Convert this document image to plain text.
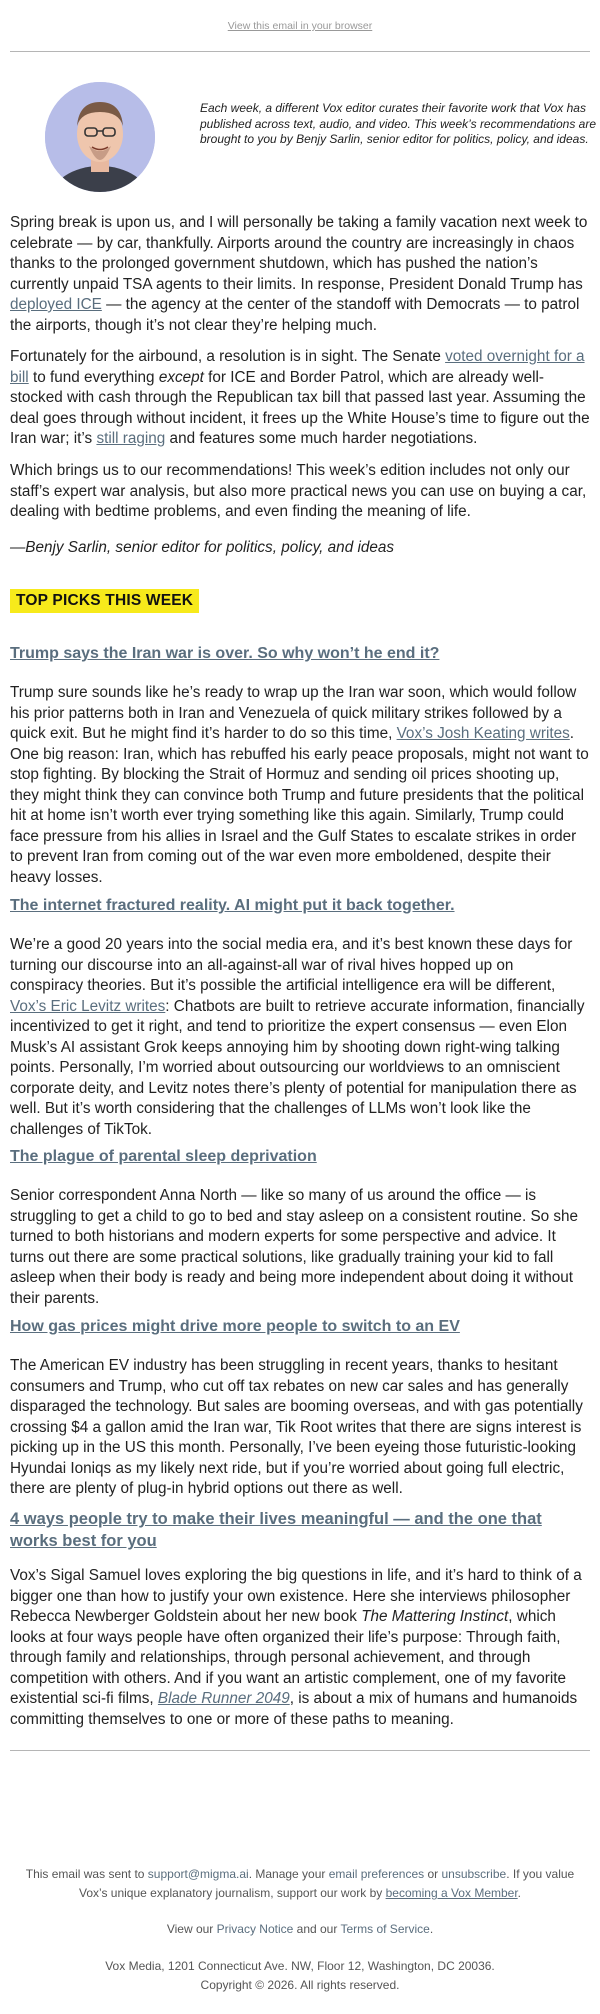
View this email in your browser
Each week, a different Vox editor curates their favorite work that Vox has published across text, audio, and video. This week’s recommendations are brought to you by Benjy Sarlin, senior editor for politics, policy, and ideas.
Spring break is upon us, and I will personally be taking a family vacation next week to celebrate — by car, thankfully. Airports around the country are increasingly in chaos thanks to the prolonged government shutdown, which has pushed the nation’s currently unpaid TSA agents to their limits. In response, President Donald Trump has deployed ICE — the agency at the center of the standoff with Democrats — to patrol the airports, though it’s not clear they’re helping much.
Fortunately for the airbound, a resolution is in sight. The Senate voted overnight for a bill to fund everything except for ICE and Border Patrol, which are already well-stocked with cash through the Republican tax bill that passed last year. Assuming the deal goes through without incident, it frees up the White House’s time to figure out the Iran war; it’s still raging and features some much harder negotiations.
Which brings us to our recommendations! This week’s edition includes not only our staff’s expert war analysis, but also more practical news you can use on buying a car, dealing with bedtime problems, and even finding the meaning of life.
—Benjy Sarlin, senior editor for politics, policy, and ideas
TOP PICKS THIS WEEK
Trump says the Iran war is over. So why won’t he end it?
Trump sure sounds like he’s ready to wrap up the Iran war soon, which would follow his prior patterns both in Iran and Venezuela of quick military strikes followed by a quick exit. But he might find it’s harder to do so this time, Vox’s Josh Keating writes. One big reason: Iran, which has rebuffed his early peace proposals, might not want to stop fighting. By blocking the Strait of Hormuz and sending oil prices shooting up, they might think they can convince both Trump and future presidents that the political hit at home isn’t worth ever trying something like this again. Similarly, Trump could face pressure from his allies in Israel and the Gulf States to escalate strikes in order to prevent Iran from coming out of the war even more emboldened, despite their heavy losses.
The internet fractured reality. AI might put it back together.
We’re a good 20 years into the social media era, and it’s best known these days for turning our discourse into an all-against-all war of rival hives hopped up on conspiracy theories. But it’s possible the artificial intelligence era will be different, Vox’s Eric Levitz writes: Chatbots are built to retrieve accurate information, financially incentivized to get it right, and tend to prioritize the expert consensus — even Elon Musk’s AI assistant Grok keeps annoying him by shooting down right-wing talking points. Personally, I’m worried about outsourcing our worldviews to an omniscient corporate deity, and Levitz notes there’s plenty of potential for manipulation there as well. But it’s worth considering that the challenges of LLMs won’t look like the challenges of TikTok.
The plague of parental sleep deprivation
Senior correspondent Anna North — like so many of us around the office — is struggling to get a child to go to bed and stay asleep on a consistent routine. So she turned to both historians and modern experts for some perspective and advice. It turns out there are some practical solutions, like gradually training your kid to fall asleep when their body is ready and being more independent about doing it without their parents.
How gas prices might drive more people to switch to an EV
The American EV industry has been struggling in recent years, thanks to hesitant consumers and Trump, who cut off tax rebates on new car sales and has generally disparaged the technology. But sales are booming overseas, and with gas potentially crossing $4 a gallon amid the Iran war, Tik Root writes that there are signs interest is picking up in the US this month. Personally, I’ve been eyeing those futuristic-looking Hyundai Ioniqs as my likely next ride, but if you’re worried about going full electric, there are plenty of plug-in hybrid options out there as well.
4 ways people try to make their lives meaningful — and the one that works best for you
Vox’s Sigal Samuel loves exploring the big questions in life, and it’s hard to think of a bigger one than how to justify your own existence. Here she interviews philosopher Rebecca Newberger Goldstein about her new book The Mattering Instinct, which looks at four ways people have often organized their life’s purpose: Through faith, through family and relationships, through personal achievement, and through competition with others. And if you want an artistic complement, one of my favorite existential sci-fi films, Blade Runner 2049, is about a mix of humans and humanoids committing themselves to one or more of these paths to meaning.
This email was sent to support@migma.ai. Manage your email preferences or unsubscribe. If you value Vox’s unique explanatory journalism, support our work by becoming a Vox Member.
View our Privacy Notice and our Terms of Service.
Vox Media, 1201 Connecticut Ave. NW, Floor 12, Washington, DC 20036.
Copyright © 2026. All rights reserved.
